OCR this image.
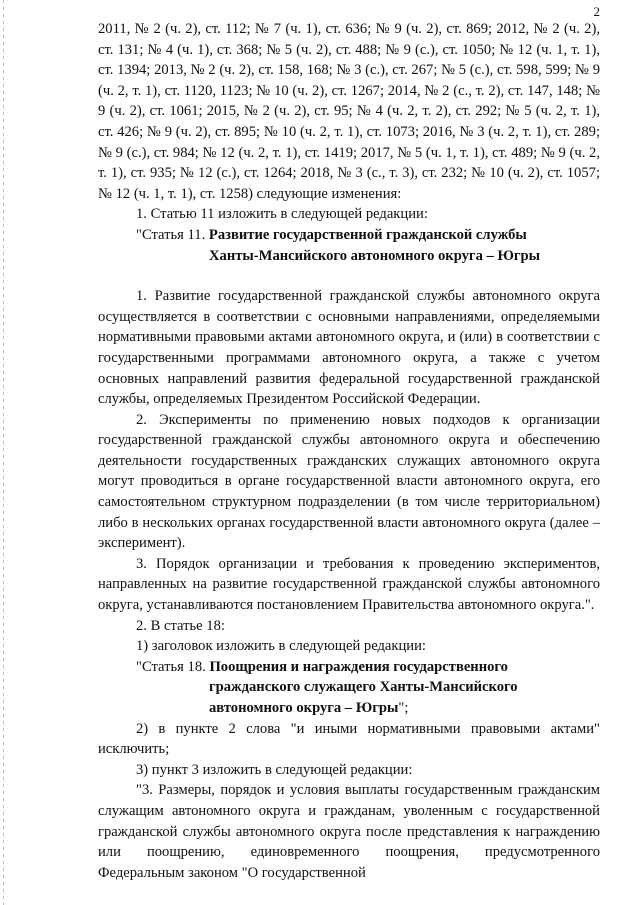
2

2011, № 2 (ч. 2), ст. 112; № 7 (ч. 1), ст. 636; № 9 (ч. 2), ст. 869; 2012, № 2 (ч. 2), ст. 131; № 4 (ч. 1), ст. 368; № 5 (ч. 2), ст. 488; № 9 (с.), ст. 1050; № 12 (ч. 1, т. 1), ст. 1394; 2013, № 2 (ч. 2), ст. 158, 168; № 3 (с.), ст. 267; № 5 (с.), ст. 598, 599; № 9 (ч. 2, т. 1), ст. 1120, 1123; № 10 (ч. 2), ст. 1267; 2014, № 2 (с., т. 2), ст. 147, 148; № 9 (ч. 2), ст. 1061; 2015, № 2 (ч. 2), ст. 95; № 4 (ч. 2, т. 2), ст. 292; № 5 (ч. 2, т. 1), ст. 426; № 9 (ч. 2), ст. 895; № 10 (ч. 2, т. 1), ст. 1073; 2016, № 3 (ч. 2, т. 1), ст. 289; № 9 (с.), ст. 984; № 12 (ч. 2, т. 1), ст. 1419; 2017, № 5 (ч. 1, т. 1), ст. 489; № 9 (ч. 2, т. 1), ст. 935; № 12 (с.), ст. 1264; 2018, № 3 (с., т. 3), ст. 232; № 10 (ч. 2), ст. 1057; № 12 (ч. 1, т. 1), ст. 1258) следующие изменения:

1. Статью 11 изложить в следующей редакции:

"Статья 11. Развитие государственной гражданской службы
Ханты-Мансийского автономного округа – Югры

1. Развитие государственной гражданской службы автономного округа осуществляется в соответствии с основными направлениями, определяемыми нормативными правовыми актами автономного округа, и (или) в соответствии с государственными программами автономного округа, а также с учетом основных направлений развития федеральной государственной гражданской службы, определяемых Президентом Российской Федерации.

2. Эксперименты по применению новых подходов к организации государственной гражданской службы автономного округа и обеспечению деятельности государственных гражданских служащих автономного округа могут проводиться в органе государственной власти автономного округа, его самостоятельном структурном подразделении (в том числе территориальном) либо в нескольких органах государственной власти автономного округа (далее – эксперимент).

3. Порядок организации и требования к проведению экспериментов, направленных на развитие государственной гражданской службы автономного округа, устанавливаются постановлением Правительства автономного округа.".

2. В статье 18:

1) заголовок изложить в следующей редакции:

"Статья 18. Поощрения и награждения государственного
гражданского служащего Ханты-Мансийского
автономного округа – Югры";

2) в пункте 2 слова "и иными нормативными правовыми актами" исключить;

3) пункт 3 изложить в следующей редакции:

"3. Размеры, порядок и условия выплаты государственным гражданским служащим автономного округа и гражданам, уволенным с государственной гражданской службы автономного округа после представления к награждению или поощрению, единовременного поощрения, предусмотренного Федеральным законом "О государственной
